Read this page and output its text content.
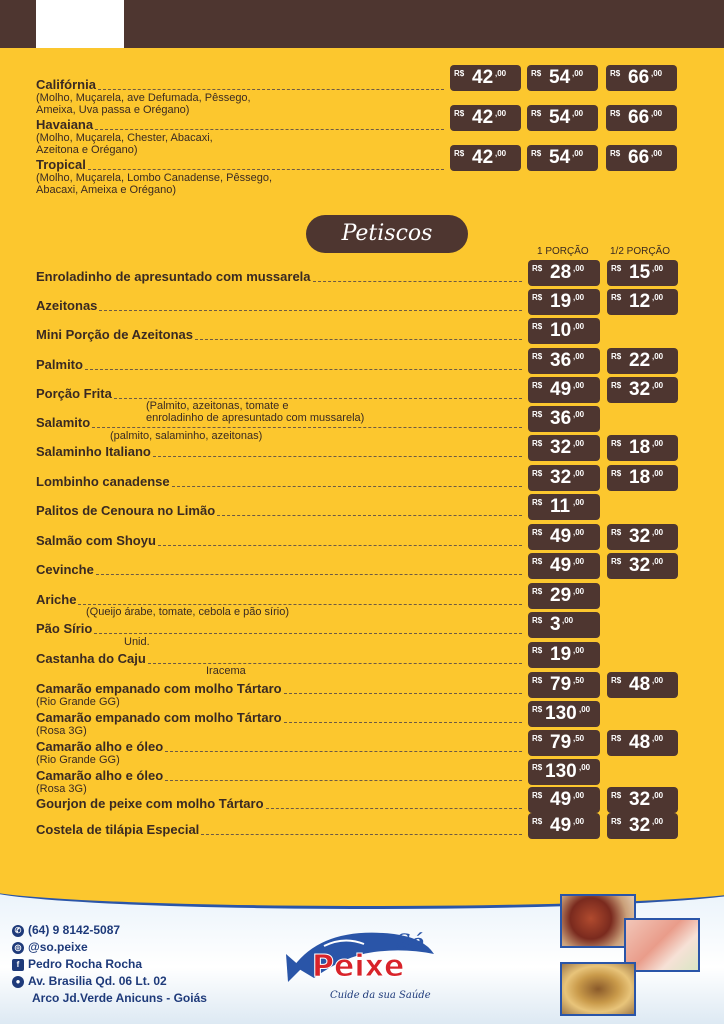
Califórnia
(Molho, Muçarela, ave Defumada, Pêssego,
Ameixa, Uva passa e Orégano)
R$ 42 ,00	R$ 54 ,00	R$ 66 ,00
Havaiana
(Molho, Muçarela, Chester, Abacaxi,
Azeitona e Orégano)
R$ 42 ,00	R$ 54 ,00	R$ 66 ,00
Tropical
(Molho, Muçarela, Lombo Canadense, Pêssego,
Abacaxi, Ameixa e Orégano)
R$ 42 ,00	R$ 54 ,00	R$ 66 ,00
Petiscos
1 PORÇÃO 1/2 PORÇÃO
Enroladinho de apresuntado com mussarela
R$ 28 ,00	R$ 15 ,00
Azeitonas
R$ 19 ,00	R$ 12 ,00
Mini Porção de Azeitonas
R$ 10 ,00
Palmito
R$ 36 ,00	R$ 22 ,00
Porção Frita
(Palmito, azeitonas, tomate e
enroladinho de apresuntado com mussarela)
R$ 49 ,00	R$ 32 ,00
Salamito
(palmito, salaminho, azeitonas)
R$ 36 ,00
Salaminho Italiano
R$ 32 ,00	R$ 18 ,00
Lombinho canadense
R$ 32 ,00	R$ 18 ,00
Palitos de Cenoura no Limão
R$ 11 ,00
Salmão com Shoyu
R$ 49 ,00	R$ 32 ,00
Cevinche
R$ 49 ,00	R$ 32 ,00
Ariche
(Queijo árabe, tomate, cebola e pão sírio)
R$ 29 ,00
Pão Sírio
Unid.
R$ 3 ,00
Castanha do Caju
Iracema
R$ 19 ,00
Camarão empanado com molho Tártaro
(Rio Grande GG)
R$ 79 ,50	R$ 48 ,00
Camarão empanado com molho Tártaro
(Rosa 3G)
R$ 130 ,00
Camarão alho e óleo
(Rio Grande GG)
R$ 79 ,50	R$ 48 ,00
Camarão alho e óleo
(Rosa 3G)
R$ 130 ,00
Gourjon de peixe com molho Tártaro
R$ 49 ,00	R$ 32 ,00
Costela de tilápia Especial
R$ 49 ,00	R$ 32 ,00
✆ (64) 9 8142-5087
◎ @so.peixe
f Pedro Rocha Rocha
● Av. Brasilia Qd. 06 Lt. 02
Arco Jd.Verde Anicuns - Goiás
Só
Peixe
Cuide da sua Saúde
